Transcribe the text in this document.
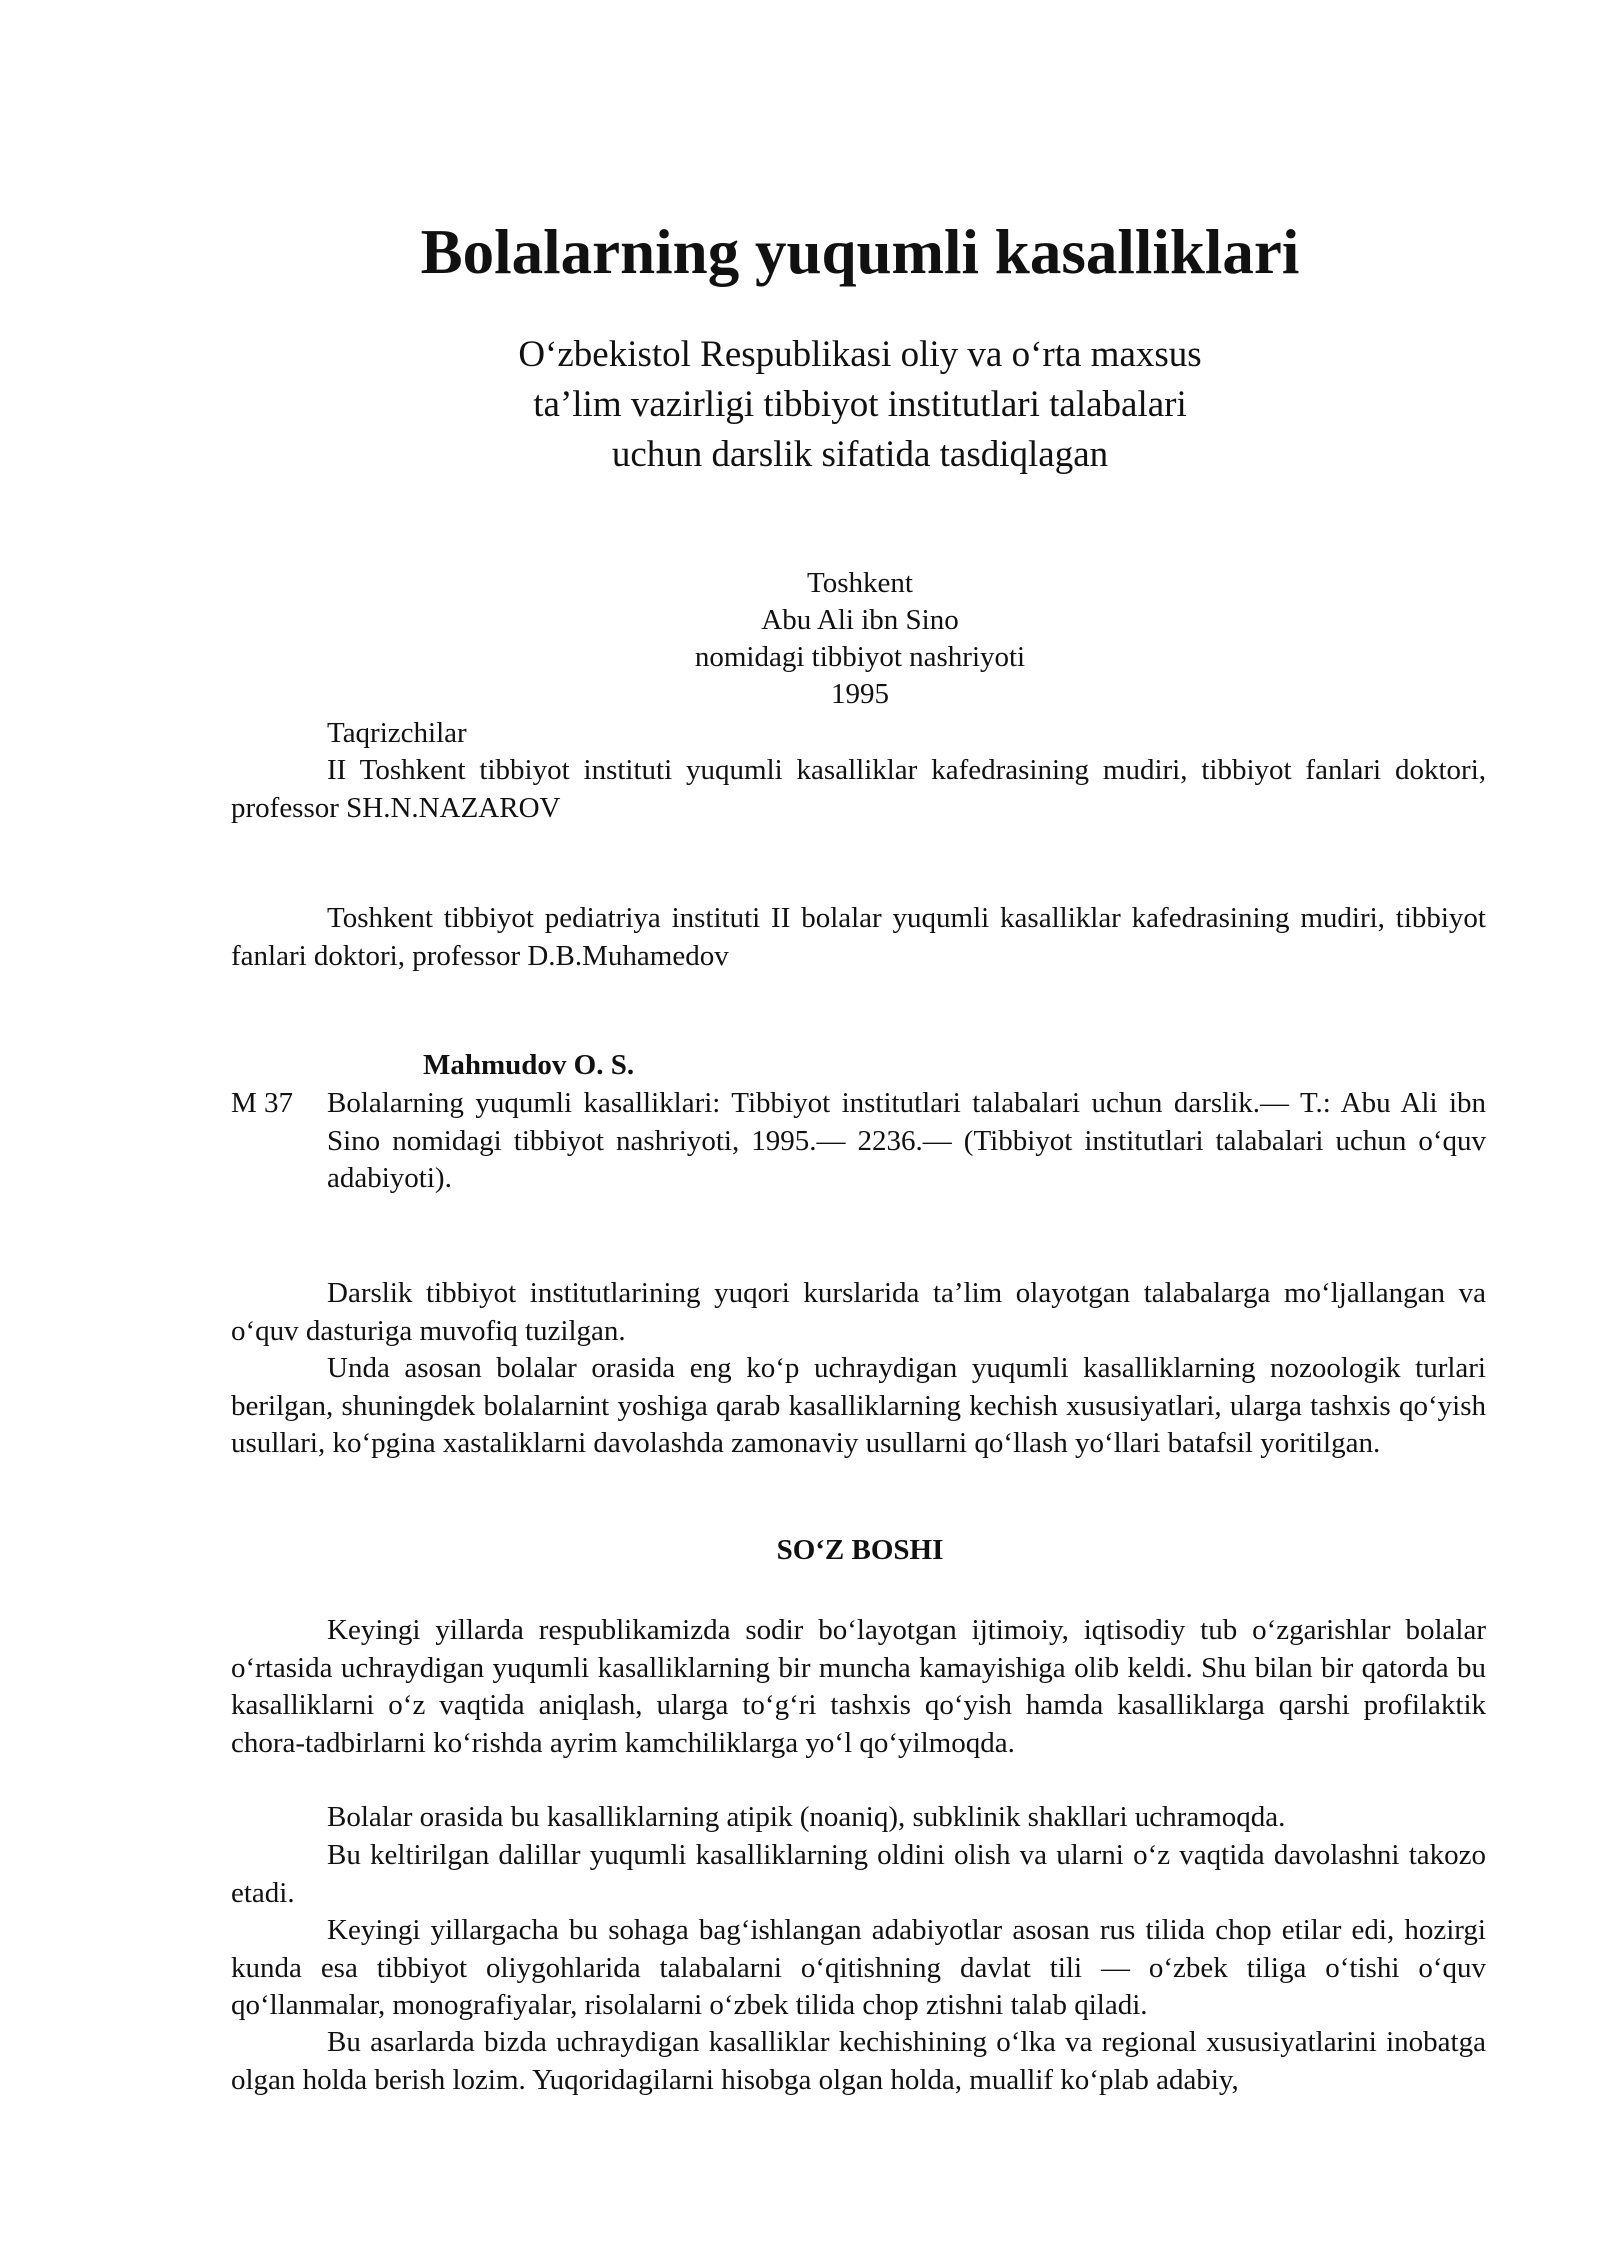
Bolalarning yuqumli kasalliklari

O‘zbekistol Respublikasi oliy va o‘rta maxsus ta’lim vazirligi tibbiyot institutlari talabalari uchun darslik sifatida tasdiqlagan

Toshkent
Abu Ali ibn Sino
nomidagi tibbiyot nashriyoti
1995

Taqrizchilar

II Toshkent tibbiyot instituti yuqumli kasalliklar kafedrasining mudiri, tibbiyot fanlari doktori, professor SH.N.NAZAROV

Toshkent tibbiyot pediatriya instituti II bolalar yuqumli kasalliklar kafedrasining mudiri, tibbiyot fanlari doktori, professor D.B.Muhamedov

Mahmudov O. S.

M 37 Bolalarning yuqumli kasalliklari: Tibbiyot institutlari talabalari uchun darslik.— T.: Abu Ali ibn Sino nomidagi tibbiyot nashriyoti, 1995.— 2236.— (Tibbiyot institutlari talabalari uchun o‘quv adabiyoti).

Darslik tibbiyot institutlarining yuqori kurslarida ta’lim olayotgan talabalarga mo‘ljallangan va o‘quv dasturiga muvofiq tuzilgan.

Unda asosan bolalar orasida eng ko‘p uchraydigan yuqumli kasalliklarning nozoologik turlari berilgan, shuningdek bolalarnint yoshiga qarab kasalliklarning kechish xususiyatlari, ularga tashxis qo‘yish usullari, ko‘pgina xastaliklarni davolashda zamonaviy usullarni qo‘llash yo‘llari batafsil yoritilgan.

SO‘Z BOSHI

Keyingi yillarda respublikamizda sodir bo‘layotgan ijtimoiy, iqtisodiy tub o‘zgarishlar bolalar o‘rtasida uchraydigan yuqumli kasalliklarning bir muncha kamayishiga olib keldi. Shu bilan bir qatorda bu kasalliklarni o‘z vaqtida aniqlash, ularga to‘g‘ri tashxis qo‘yish hamda kasalliklarga qarshi profilaktik chora-tadbirlarni ko‘rishda ayrim kamchiliklarga yo‘l qo‘yilmoqda.

Bolalar orasida bu kasalliklarning atipik (noaniq), subklinik shakllari uchramoqda.

Bu keltirilgan dalillar yuqumli kasalliklarning oldini olish va ularni o‘z vaqtida davolashni takozo etadi.

Keyingi yillargacha bu sohaga bag‘ishlangan adabiyotlar asosan rus tilida chop etilar edi, hozirgi kunda esa tibbiyot oliygohlarida talabalarni o‘qitishning davlat tili — o‘zbek tiliga o‘tishi o‘quv qo‘llanmalar, monografiyalar, risolalarni o‘zbek tilida chop ztishni talab qiladi.

Bu asarlarda bizda uchraydigan kasalliklar kechishining o‘lka va regional xususiyatlarini inobatga olgan holda berish lozim. Yuqoridagilarni hisobga olgan holda, muallif ko‘plab adabiy,
